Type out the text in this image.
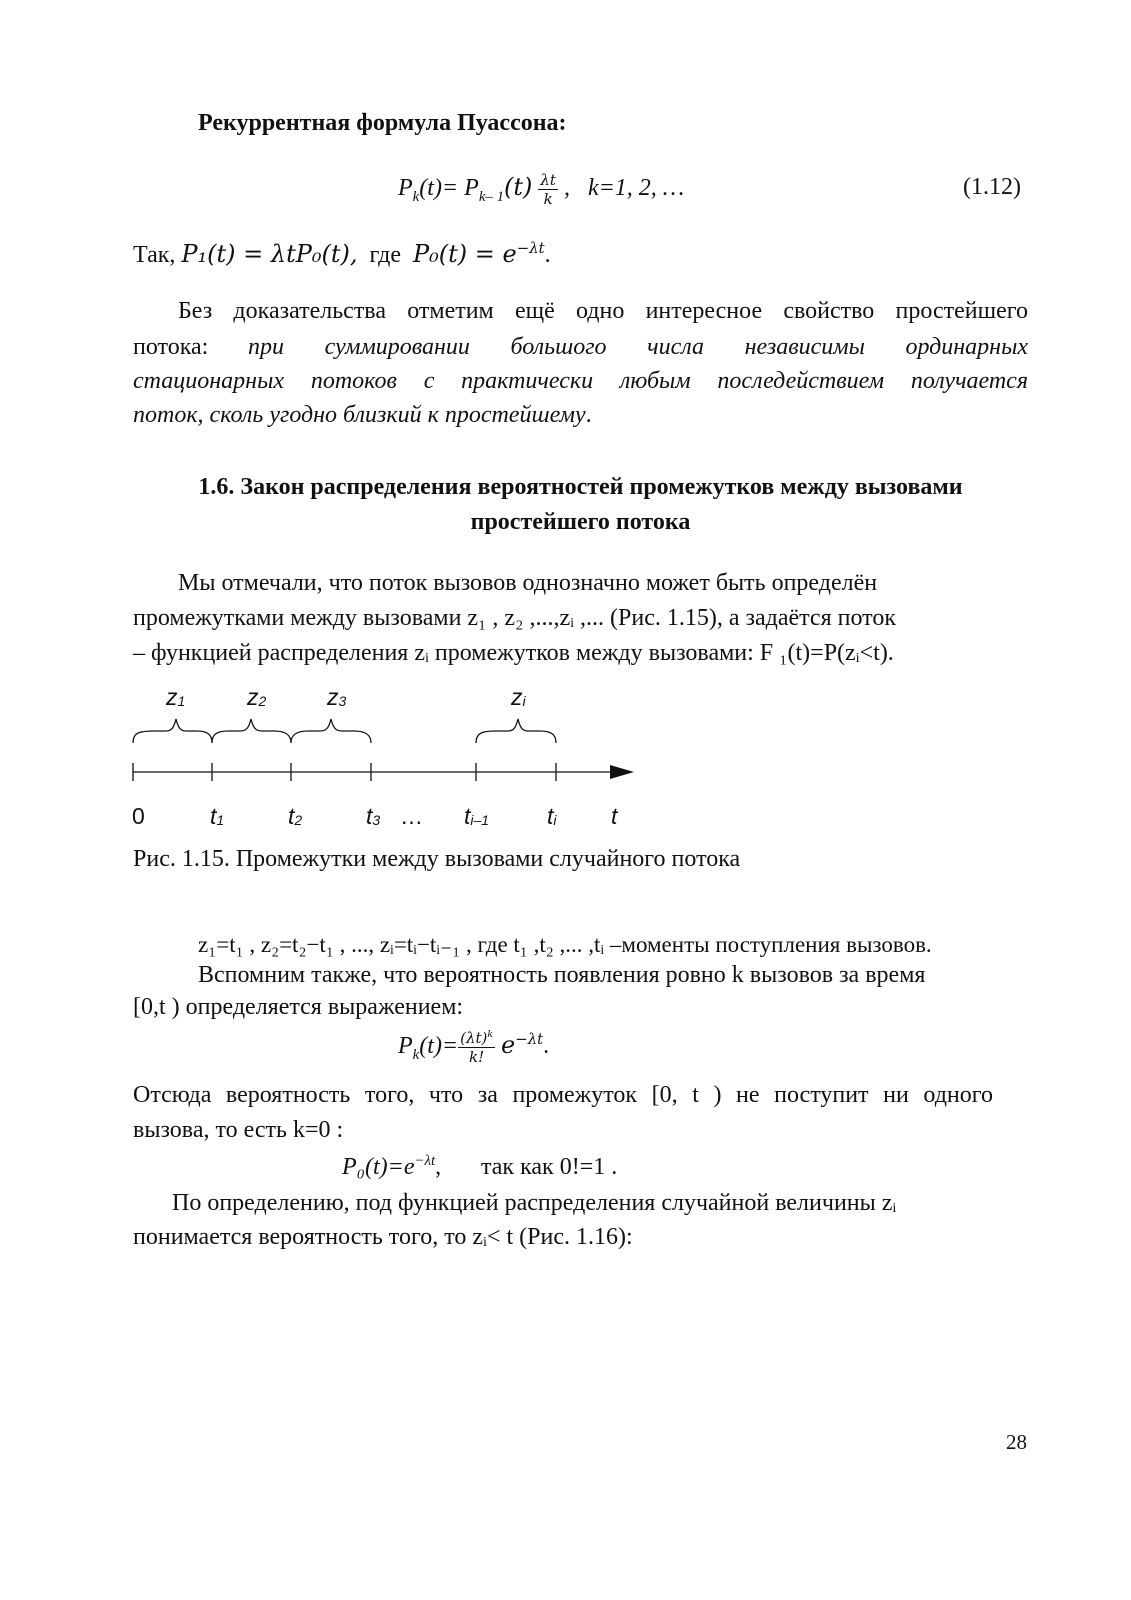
Рекуррентная формула Пуассона:
$P_k(t)= P_{k- 1}(t) \frac{\lambda t}{k}$ ,   k=1, 2, …	(1.12)
Так, P₁(t) = λtP₀(t),  где  $P_0(t) = e^{-\lambda t}$.
Без доказательства отметим ещё одно интересное свойство простейшего
потока: при суммировании большого числа независимы ординарных
стационарных потоков с практически любым последействием получается
поток, сколь угодно близкий к простейшему.
1.6. Закон распределения вероятностей промежутков между вызовами
простейшего потока
Мы отмечали, что поток вызовов однозначно может быть определён
промежутками между вызовами z₁ , z₂ ,...,zᵢ ,... (Рис. 1.15), а задаётся поток
– функцией распределения zᵢ промежутков между вызовами: F ₁(t)=P(zᵢ<t).
z1	z2	z3	zi
0	t1	t2	t3 … ti–1	ti t
Рис. 1.15. Промежутки между вызовами случайного потока
z₁=t₁ , z₂=t₂−t₁ , ..., zᵢ=tᵢ−tᵢ₋₁ , где t₁ ,t₂ ,... ,tᵢ –моменты поступления вызовов.
Вспомним также, что вероятность появления ровно k вызовов за время
[0,t ) определяется выражением:
$P_k(t)= \frac{(\lambda t)^k}{k!} e^{-\lambda t}$.
Отсюда вероятность того, что за промежуток [0, t ) не поступит ни одного
вызова, то есть k=0 :
$P_0(t)=e^{-\lambda t}$, так как 0!=1 .
По определению, под функцией распределения случайной величины zᵢ
понимается вероятность того, то zᵢ< t (Рис. 1.16):
28
